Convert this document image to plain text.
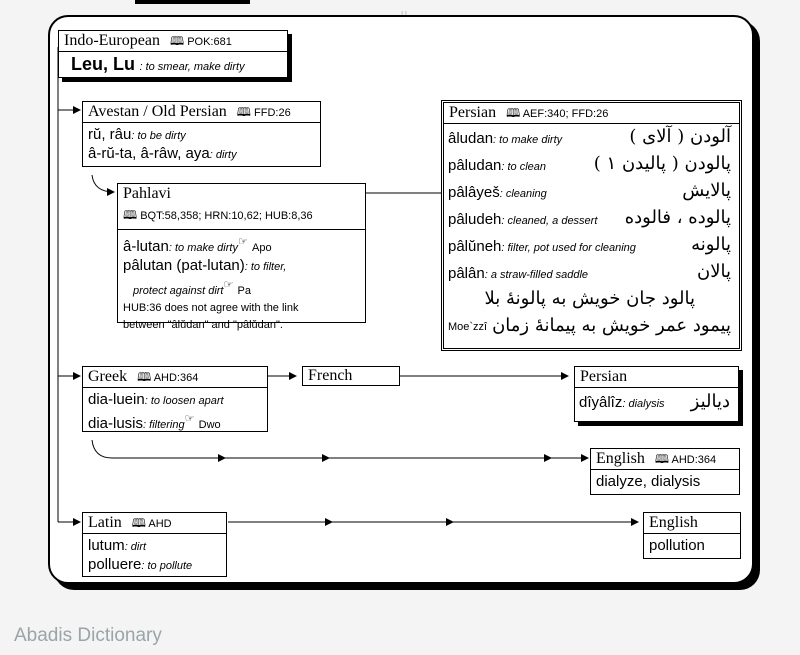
Indo-European 🕮 POK:681
Leu, Lu : to smear, make dirty
Avestan / Old Persian 🕮 FFD:26
rŭ, râu: to be dirty
â-rŭ-ta, â-râw, aya: dirty
Pahlavi
🕮 BQT:58,358; HRN:10,62; HUB:8,36
â-lutan: to make dirty☞ Apo
pâlutan (pat-lutan): to filter,
protect against dirt☞ Pa
HUB:36 does not agree with the link
between "âlŭdan" and "pâlŭdan".
Persian 🕮 AEF:340; FFD:26
âludan: to make dirty	آلودن ( آلای )
pâludan: to clean	پالودن ( پالیدن ۱ )
pâlâyeš: cleaning	پالایش
pâludeh: cleaned, a dessert پالوده ، فالوده
pâlŭneh: filter, pot used for cleaning	پالونه
pâlân: a straw-filled saddle	پالان
پالود جان خویش به پالونهٔ بلا
Moe`zzî پیمود عمر خویش به پیمانهٔ زمان
Greek 🕮 AHD:364
dia-luein: to loosen apart
dia-lusis: filtering☞ Dwo
French	Persian
dîyâlîz: dialysis دیالیز
English 🕮 AHD:364
dialyze, dialysis
Latin 🕮 AHD
lutum: dirt
polluere: to pollute
English
pollution
Abadis Dictionary
